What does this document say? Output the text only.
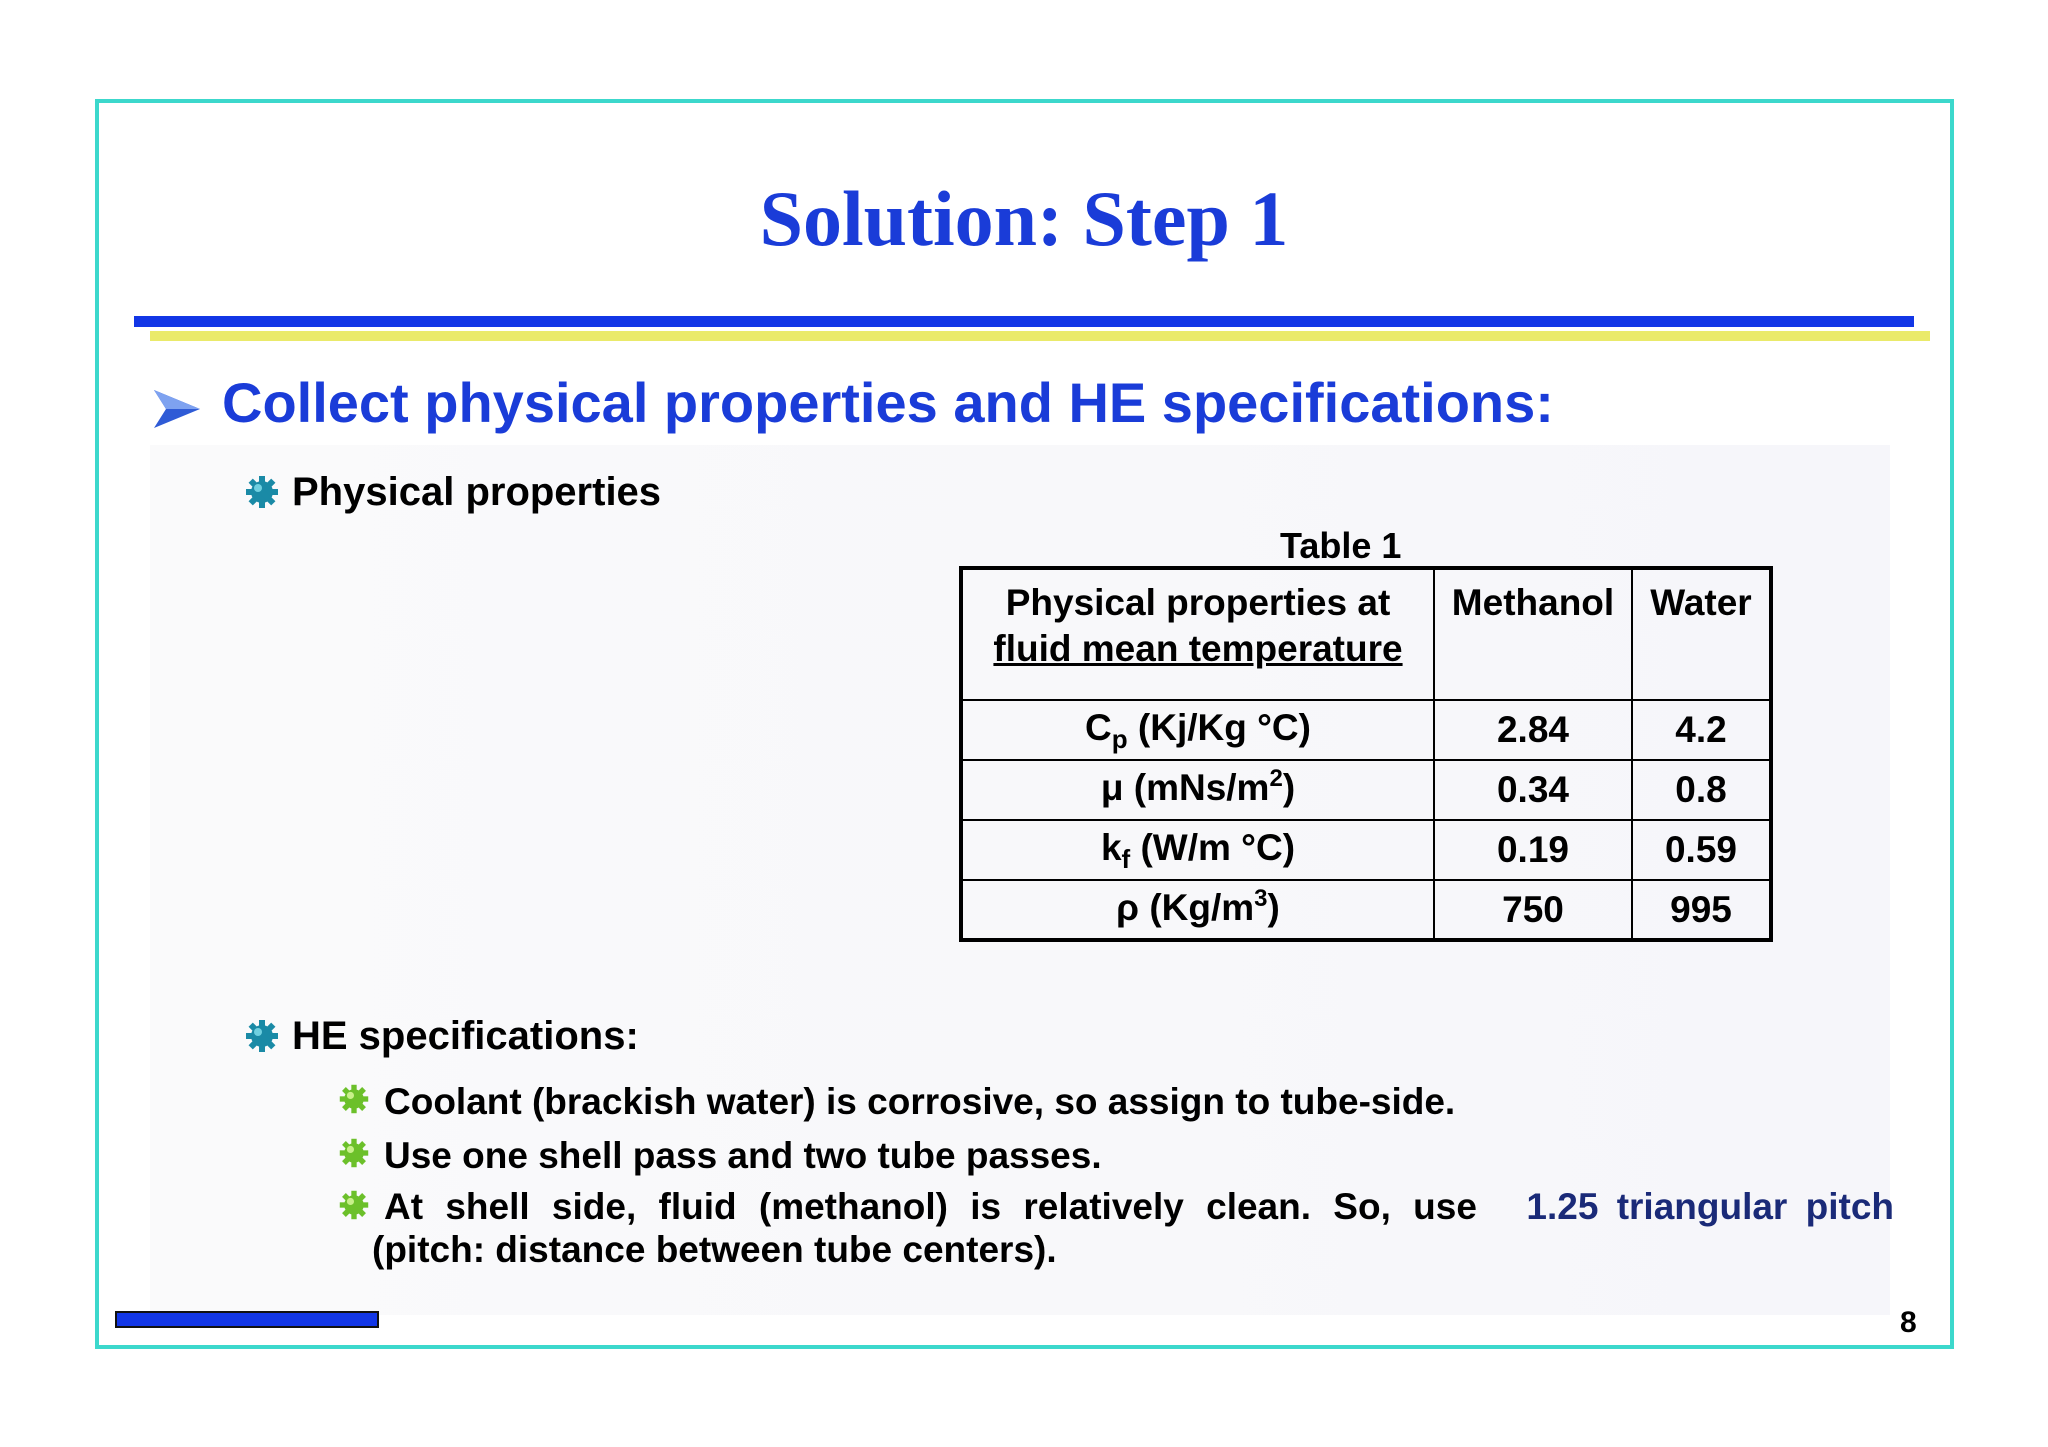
Solution: Step 1
Collect physical properties and HE specifications:
Physical properties
Table 1
Physical properties at
fluid mean temperature	Methanol	Water
$C_p$ (Kj/Kg °C)	2.84	4.2
μ $(mNs/m^2)$	0.34	0.8
$k_f$ (W/m °C)	0.19	0.59
ρ $(Kg/m^3)$	750	995
HE specifications:
Coolant (brackish water) is corrosive, so assign to tube-side.
Use one shell pass and two tube passes.
At shell side, fluid (methanol) is relatively clean. So, use 1.25 triangular pitch
(pitch: distance between tube centers).
8
